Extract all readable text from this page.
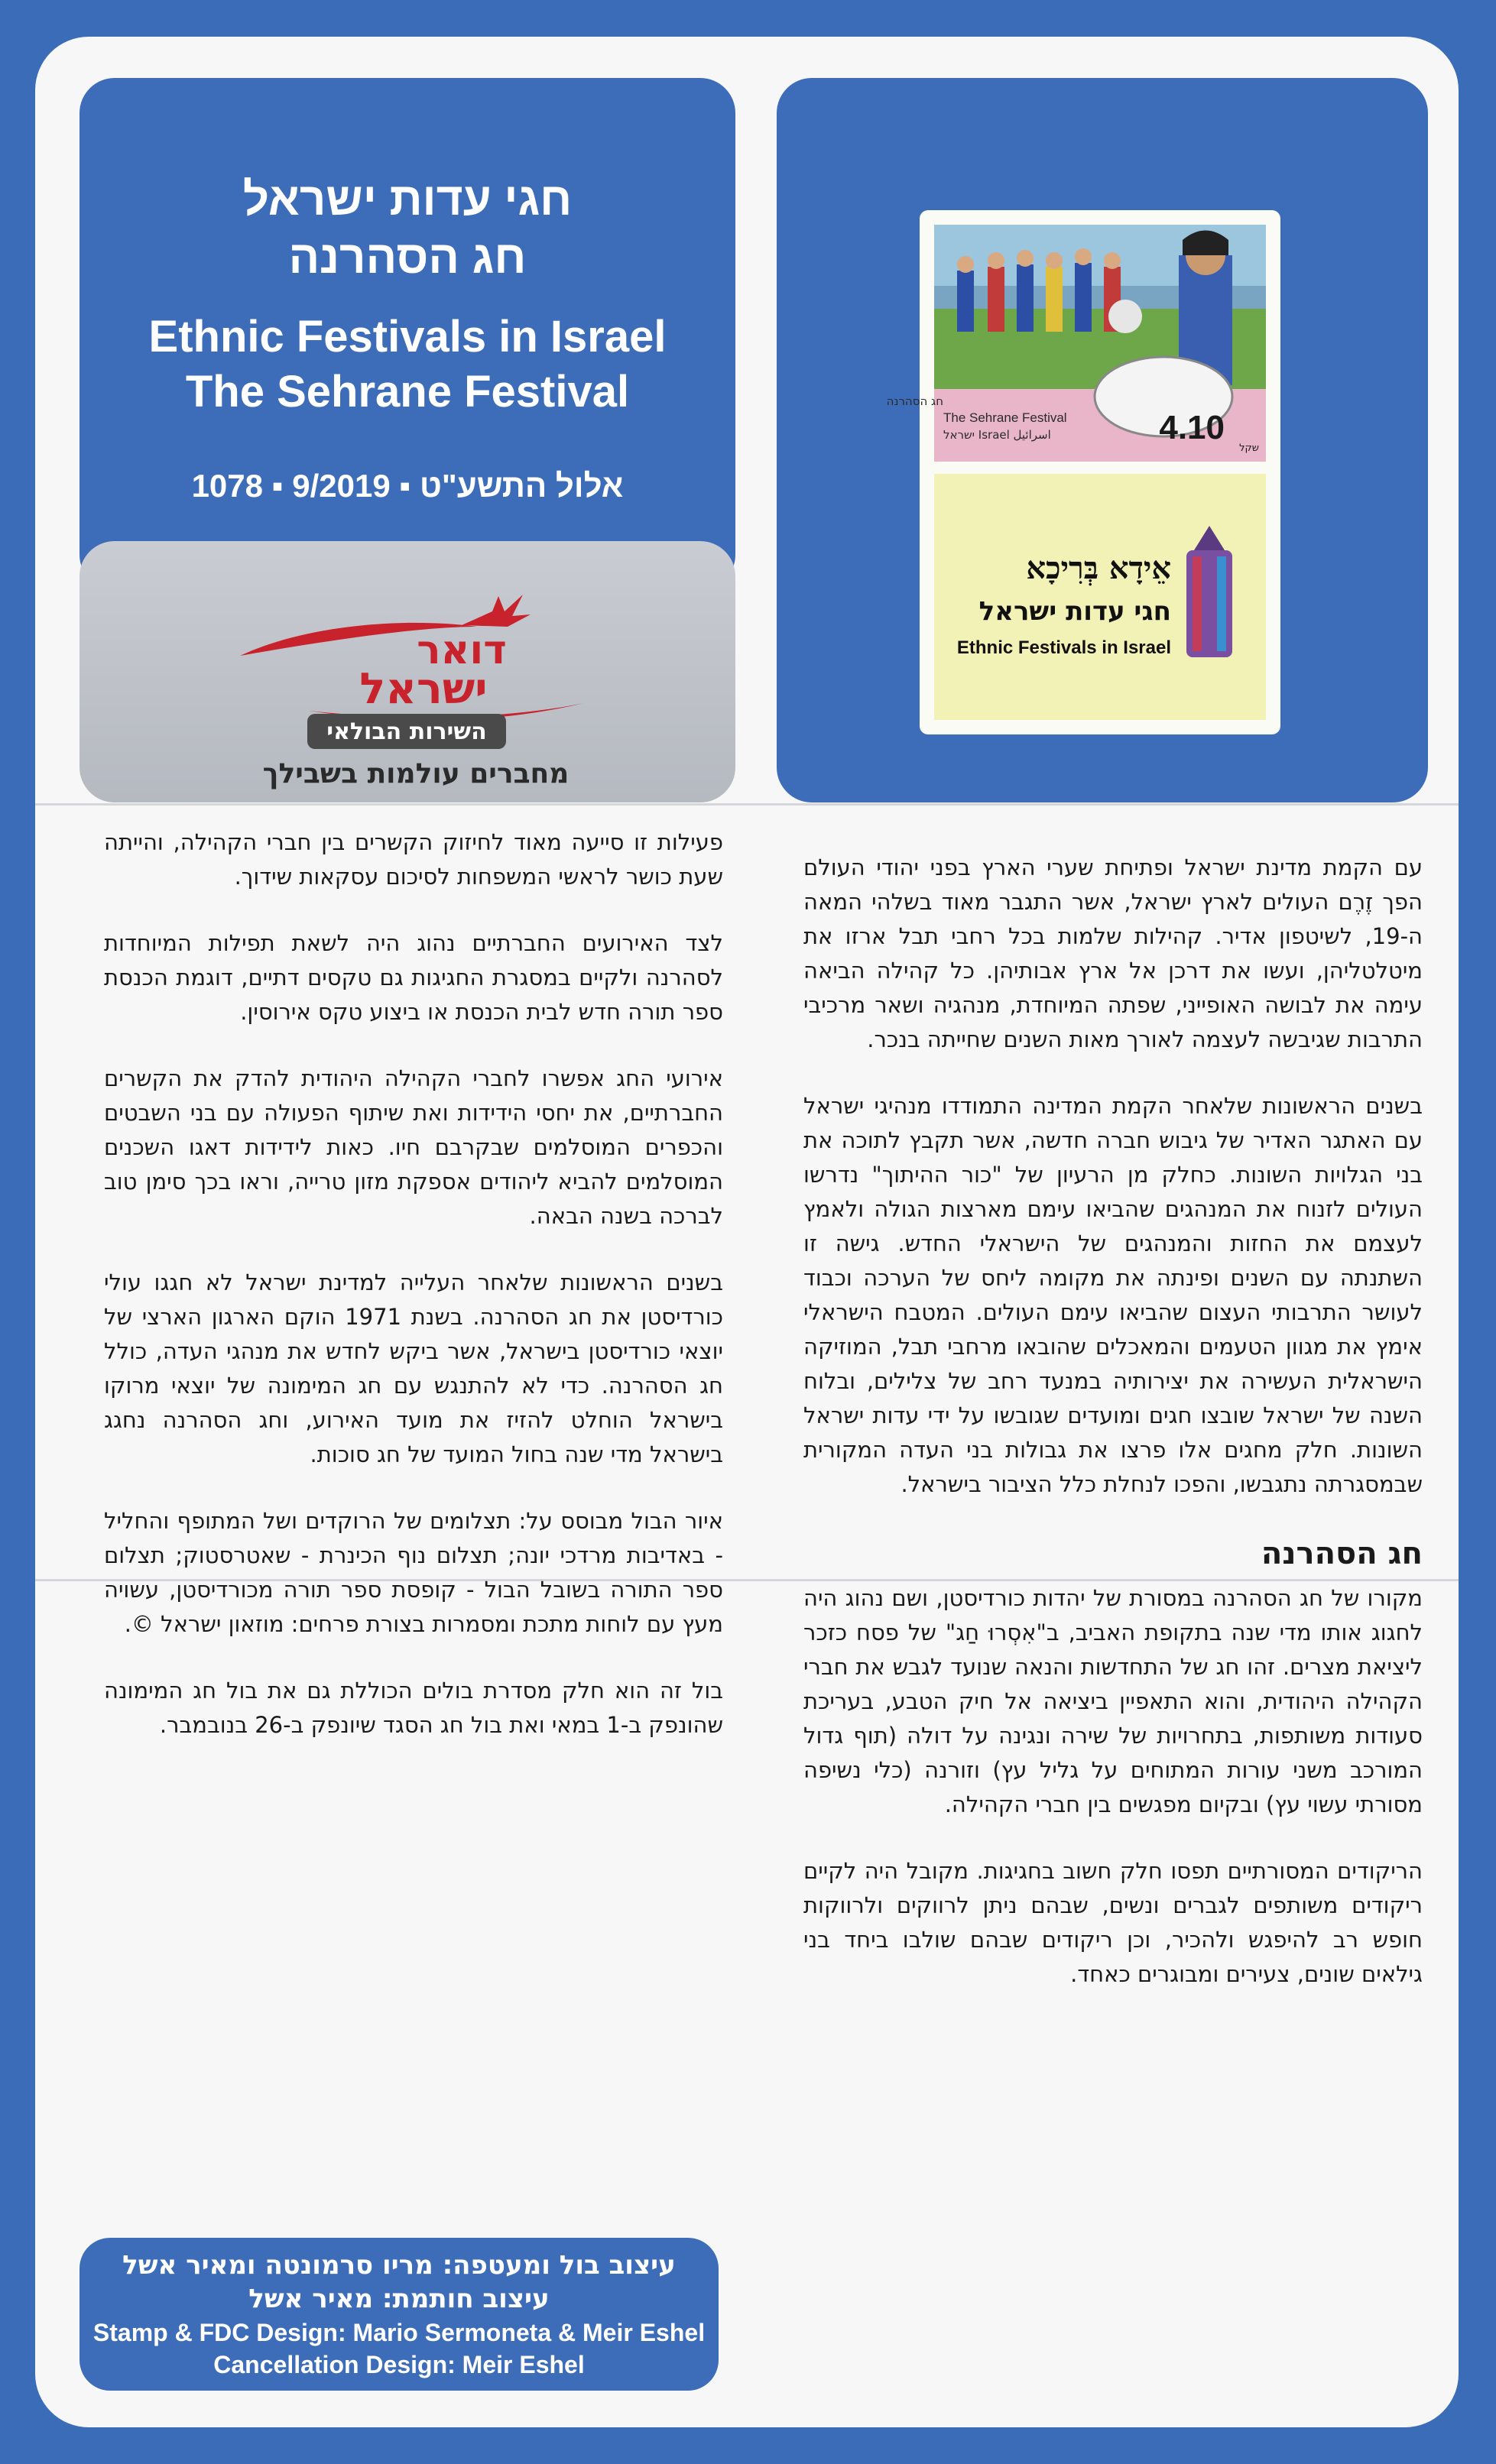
חגי עדות ישראל
חג הסהרנה
Ethnic Festivals in Israel
The Sehrane Festival
אלול התשע"ט ▪ 9/2019 ▪ 1078
דואר
ישראל
השירות הבולאי
מחברים עולמות בשבילך
חג הסהרנה
The Sehrane Festival
ישראל Israel اسرائيل	4.10
שקל
אֵידָא בְּרִיכָא
חגי עדות ישראל
Ethnic Festivals in Israel

עם הקמת מדינת ישראל ופתיחת שערי הארץ בפני יהודי העולם הפך זֶרֶם העולים לארץ ישראל, אשר התגבר מאוד בשלהי המאה ה-19, לשיטפון אדיר. קהילות שלמות בכל רחבי תבל ארזו את מיטלטליהן, ועשו את דרכן אל ארץ אבותיהן. כל קהילה הביאה עימה את לבושה האופייני, שפתה המיוחדת, מנהגיה ושאר מרכיבי התרבות שגיבשה לעצמה לאורך מאות השנים שחייתה בנכר.

בשנים הראשונות שלאחר הקמת המדינה התמודדו מנהיגי ישראל עם האתגר האדיר של גיבוש חברה חדשה, אשר תקבץ לתוכה את בני הגלויות השונות. כחלק מן הרעיון של "כור ההיתוך" נדרשו העולים לזנוח את המנהגים שהביאו עימם מארצות הגולה ולאמץ לעצמם את החזות והמנהגים של הישראלי החדש. גישה זו השתנתה עם השנים ופינתה את מקומה ליחס של הערכה וכבוד לעושר התרבותי העצום שהביאו עימם העולים. המטבח הישראלי אימץ את מגוון הטעמים והמאכלים שהובאו מרחבי תבל, המוזיקה הישראלית העשירה את יצירותיה במנעד רחב של צלילים, ובלוח השנה של ישראל שובצו חגים ומועדים שגובשו על ידי עדות ישראל השונות. חלק מחגים אלו פרצו את גבולות בני העדה המקורית שבמסגרתה נתגבשו, והפכו לנחלת כלל הציבור בישראל.

חג הסהרנה

מקורו של חג הסהרנה במסורת של יהדות כורדיסטן, ושם נהוג היה לחגוג אותו מדי שנה בתקופת האביב, ב"אִסְרוּ חַג" של פסח כזכר ליציאת מצרים. זהו חג של התחדשות והנאה שנועד לגבש את חברי הקהילה היהודית, והוא התאפיין ביציאה אל חיק הטבע, בעריכת סעודות משותפות, בתחרויות של שירה ונגינה על דולה (תוף גדול המורכב משני עורות המתוחים על גליל עץ) וזורנה (כלי נשיפה מסורתי עשוי עץ) ובקיום מפגשים בין חברי הקהילה.

הריקודים המסורתיים תפסו חלק חשוב בחגיגות. מקובל היה לקיים ריקודים משותפים לגברים ונשים, שבהם ניתן לרווקים ולרווקות חופש רב להיפגש ולהכיר, וכן ריקודים שבהם שולבו ביחד בני גילאים שונים, צעירים ומבוגרים כאחד.

פעילות זו סייעה מאוד לחיזוק הקשרים בין חברי הקהילה, והייתה שעת כושר לראשי המשפחות לסיכום עסקאות שידוך.

לצד האירועים החברתיים נהוג היה לשאת תפילות המיוחדות לסהרנה ולקיים במסגרת החגיגות גם טקסים דתיים, דוגמת הכנסת ספר תורה חדש לבית הכנסת או ביצוע טקס אירוסין.

אירועי החג אפשרו לחברי הקהילה היהודית להדק את הקשרים החברתיים, את יחסי הידידות ואת שיתוף הפעולה עם בני השבטים והכפרים המוסלמים שבקרבם חיו. כאות לידידות דאגו השכנים המוסלמים להביא ליהודים אספקת מזון טרייה, וראו בכך סימן טוב לברכה בשנה הבאה.

בשנים הראשונות שלאחר העלייה למדינת ישראל לא חגגו עולי כורדיסטן את חג הסהרנה. בשנת 1971 הוקם הארגון הארצי של יוצאי כורדיסטן בישראל, אשר ביקש לחדש את מנהגי העדה, כולל חג הסהרנה. כדי לא להתנגש עם חג המימונה של יוצאי מרוקו בישראל הוחלט להזיז את מועד האירוע, וחג הסהרנה נחגג בישראל מדי שנה בחול המועד של חג סוכות.

איור הבול מבוסס על: תצלומים של הרוקדים ושל המתופף והחליל - באדיבות מרדכי יונה; תצלום נוף הכינרת - שאטרסטוק; תצלום ספר התורה בשובל הבול - קופסת ספר תורה מכורדיסטן, עשויה מעץ עם לוחות מתכת ומסמרות בצורת פרחים: מוזאון ישראל ©.

בול זה הוא חלק מסדרת בולים הכוללת גם את בול חג המימונה שהונפק ב-1 במאי ואת בול חג הסגד שיונפק ב-26 בנובמבר.

עיצוב בול ומעטפה: מריו סרמונטה ומאיר אשל
עיצוב חותמת: מאיר אשל
Stamp & FDC Design: Mario Sermoneta & Meir Eshel
Cancellation Design: Meir Eshel
